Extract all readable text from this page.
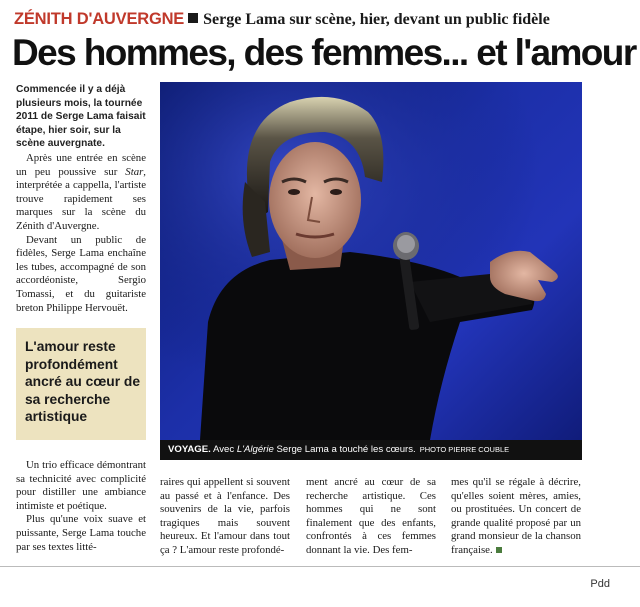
ZÉNITH D'AUVERGNE Serge Lama sur scène, hier, devant un public fidèle
Des hommes, des femmes... et l'amour
Commencée il y a déjà plusieurs mois, la tournée 2011 de Serge Lama faisait étape, hier soir, sur la scène auvergnate.

Après une entrée en scène un peu poussive sur Star, interprétée a cappella, l'artiste trouve rapidement ses marques sur la scène du Zénith d'Auvergne.

Devant un public de fidèles, Serge Lama enchaîne les tubes, accompagné de son accordéoniste, Sergio Tomassi, et du guitariste breton Philippe Hervouët.

L'amour reste profondément ancré au cœur de sa recherche artistique
VOYAGE. Avec L'Algérie Serge Lama a touché les cœurs. PHOTO PIERRE COUBLE

Un trio efficace démontrant sa technicité avec complicité pour distiller une ambiance intimiste et poétique.

Plus qu'une voix suave et puissante, Serge Lama touche par ses textes litté-

raires qui appellent si souvent au passé et à l'enfance. Des souvenirs de la vie, parfois tragiques mais souvent heureux. Et l'amour dans tout ça ? L'amour reste profondé-

ment ancré au cœur de sa recherche artistique. Ces hommes qui ne sont finalement que des enfants, confrontés à ces femmes donnant la vie. Des fem-

mes qu'il se régale à décrire, qu'elles soient mères, amies, ou prostituées. Un concert de grande qualité proposé par un grand monsieur de la chanson française.

Pdd
